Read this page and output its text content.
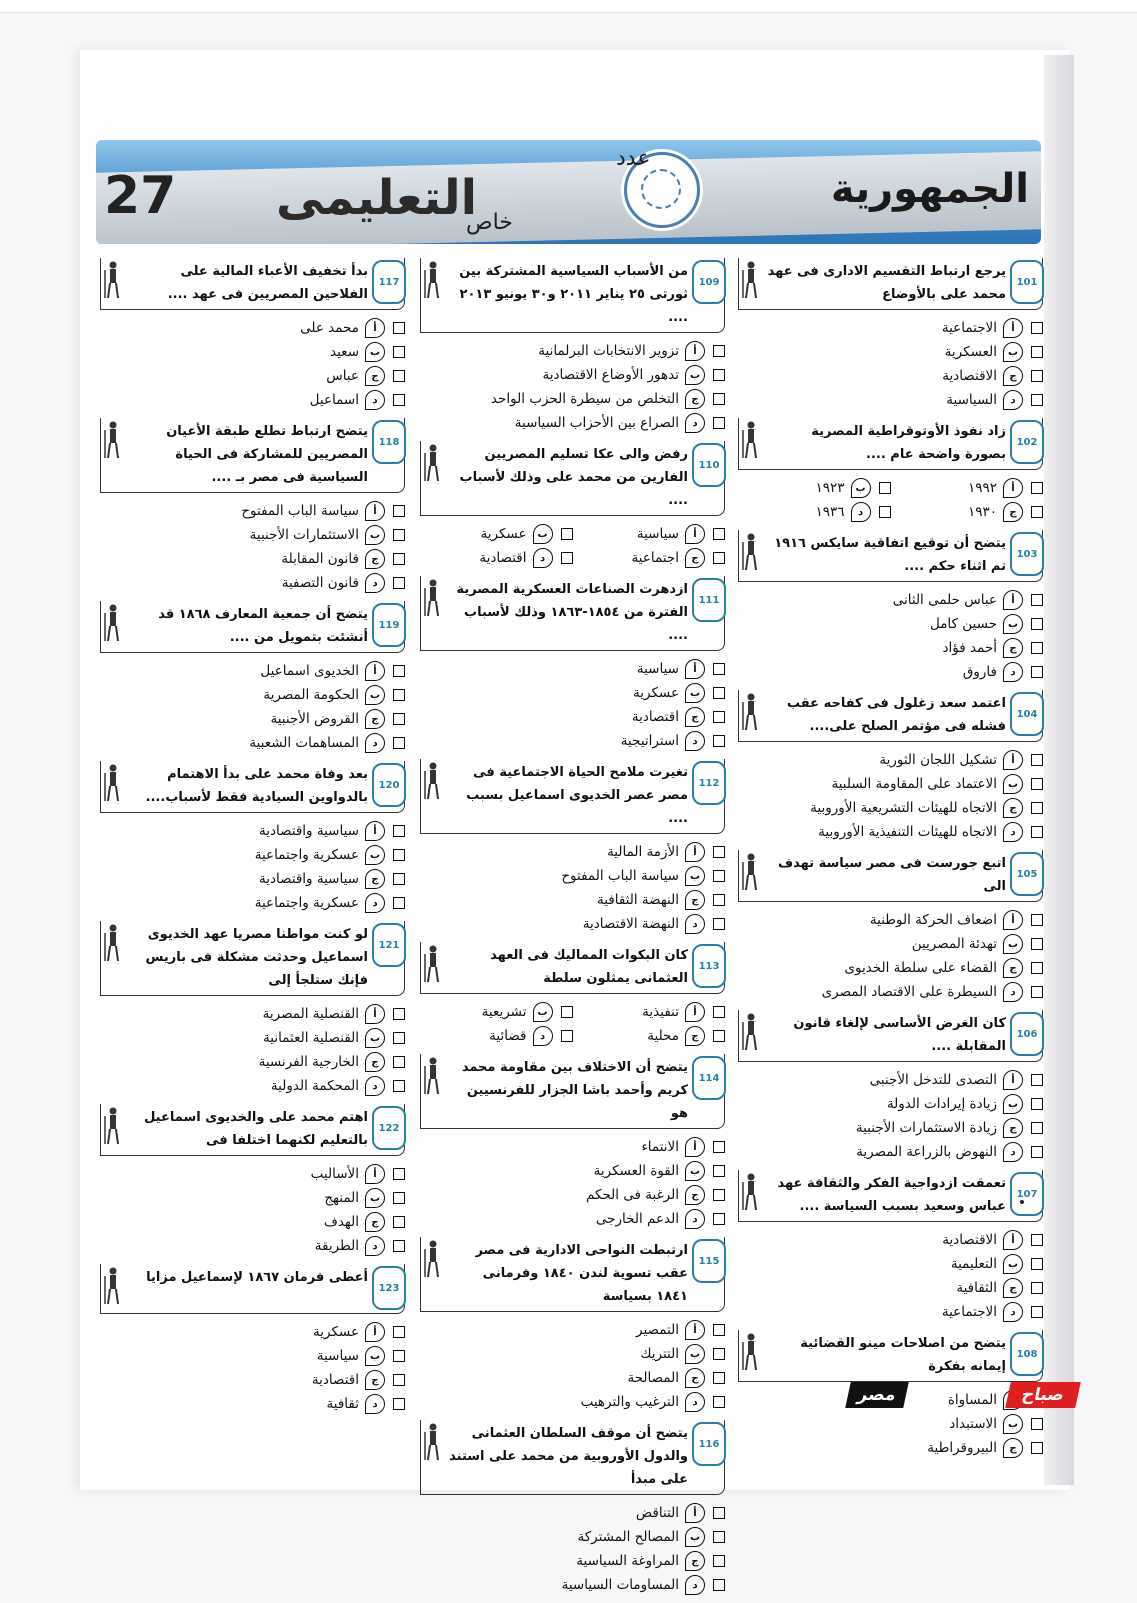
27 التعليمى
عدد
خاص
الجمهورية
101
يرجع ارتباط التقسيم الادارى فى عهد محمد على بالأوضاع
أ
الاجتماعية
ب
العسكرية
ج
الاقتصادية
د
السياسية
102
زاد نفوذ الأوتوقراطية المصرية بصورة واضحة عام ....
أ
١٩٩٢
ب
١٩٢٣
ج
١٩٣٠
د
١٩٣٦
103
يتضح أن توقيع اتفاقية سايكس ١٩١٦ تم اثناء حكم ....
أ
عباس حلمى الثانى
ب
حسين كامل
ج
أحمد فؤاد
د
فاروق
104
اعتمد سعد زغلول فى كفاحه عقب فشله فى مؤتمر الصلح على....
أ
تشكيل اللجان الثورية
ب
الاعتماد على المقاومة السلبية
ج
الاتجاه للهيئات التشريعية الأوروبية
د
الاتجاه للهيئات التنفيذية الأوروبية
105
اتبع جورست فى مصر سياسة تهدف الى
أ
اضعاف الحركة الوطنية
ب
تهدئة المصريين
ج
القضاء على سلطة الخديوى
د
السيطرة على الاقتصاد المصرى
106
كان الغرض الأساسى لإلغاء قانون المقابلة ....
أ
التصدى للتدخل الأجنبى
ب
زيادة إيرادات الدولة
ج
زيادة الاستثمارات الأجنبية
د
النهوض بالزراعة المصرية
107
تعمقت ازدواجية الفكر والثقافة عهد عباس وسعيد بسبب السياسة ....
أ
الاقتصادية
ب
التعليمية
ج
الثقافية
د
الاجتماعية
108
يتضح من اصلاحات مينو القضائية إيمانه بفكرة
المساواة
ب
الاستبداد
ج
البيروقراطية
109
من الأسباب السياسية المشتركة بين ثورتى ٢٥ يناير ٢٠١١ و٣٠ يونيو ٢٠١٣ ....
أ
تزوير الانتخابات البرلمانية
ب
تدهور الأوضاع الاقتصادية
ج
التخلص من سيطرة الحزب الواحد
د
الصراع بين الأحزاب السياسية
110
رفض والى عكا تسليم المصريين الفارين من محمد على وذلك لأسباب ....
أ
سياسية
ب
عسكرية
ج
اجتماعية
د
اقتصادية
111
ازدهرت الصناعات العسكرية المصرية الفترة من ١٨٥٤-١٨٦٣ وذلك لأسباب ....
أ
سياسية
ب
عسكرية
ج
اقتصادية
د
استراتيجية
112
تغيرت ملامح الحياة الاجتماعية فى مصر عصر الخديوى اسماعيل بسبب ....
أ
الأزمة المالية
ب
سياسة الباب المفتوح
ج
النهضة الثقافية
د
النهضة الاقتصادية
113
كان البكوات المماليك فى العهد العثمانى يمثلون سلطة
أ
تنفيذية
ب
تشريعية
ج
محلية
د
قضائية
114
يتضح أن الاختلاف بين مقاومة محمد كريم وأحمد باشا الجزار للفرنسيين هو
أ
الانتماء
ب
القوة العسكرية
ج
الرغبة فى الحكم
د
الدعم الخارجى
115
ارتبطت النواحى الادارية فى مصر عقب تسوية لندن ١٨٤٠ وفرمانى ١٨٤١ بسياسة
أ
التمصير
ب
التتريك
ج
المصالحة
د
الترغيب والترهيب
116
يتضح أن موقف السلطان العثمانى والدول الأوروبية من محمد على استند على مبدأ
أ
التناقض
ب
المصالح المشتركة
ج
المراوغة السياسية
د
المساومات السياسية
117
بدأ تخفيف الأعباء المالية على الفلاحين المصريين فى عهد ....
أ
محمد على
ب
سعيد
ج
عباس
د
اسماعيل
118
يتضح ارتباط تطلع طبقة الأعيان المصريين للمشاركة فى الحياة السياسية فى مصر بـ ....
أ
سياسة الباب المفتوح
ب
الاستثمارات الأجنبية
ج
قانون المقابلة
د
قانون التصفية
119
يتضح أن جمعية المعارف ١٨٦٨ قد أنشئت بتمويل من ....
أ
الخديوى اسماعيل
ب
الحكومة المصرية
ج
القروض الأجنبية
د
المساهمات الشعبية
120
بعد وفاة محمد على بدأ الاهتمام بالدواوين السيادية فقط لأسباب....
أ
سياسية واقتصادية
ب
عسكرية واجتماعية
ج
سياسية واقتصادية
د
عسكرية واجتماعية
121
لو كنت مواطنا مصريا عهد الخديوى اسماعيل وحدثت مشكلة فى باريس فإنك ستلجأ إلى
أ
القنصلية المصرية
ب
القنصلية العثمانية
ج
الخارجية الفرنسية
د
المحكمة الدولية
122
اهتم محمد على والخديوى اسماعيل بالتعليم لكنهما اختلفا فى
أ
الأساليب
ب
المنهج
ج
الهدف
د
الطريقة
123
أعطى فرمان ١٨٦٧ لإسماعيل مزايا
أ
عسكرية
ب
سياسية
ج
اقتصادية
د
ثقافية	مصر	صباح
